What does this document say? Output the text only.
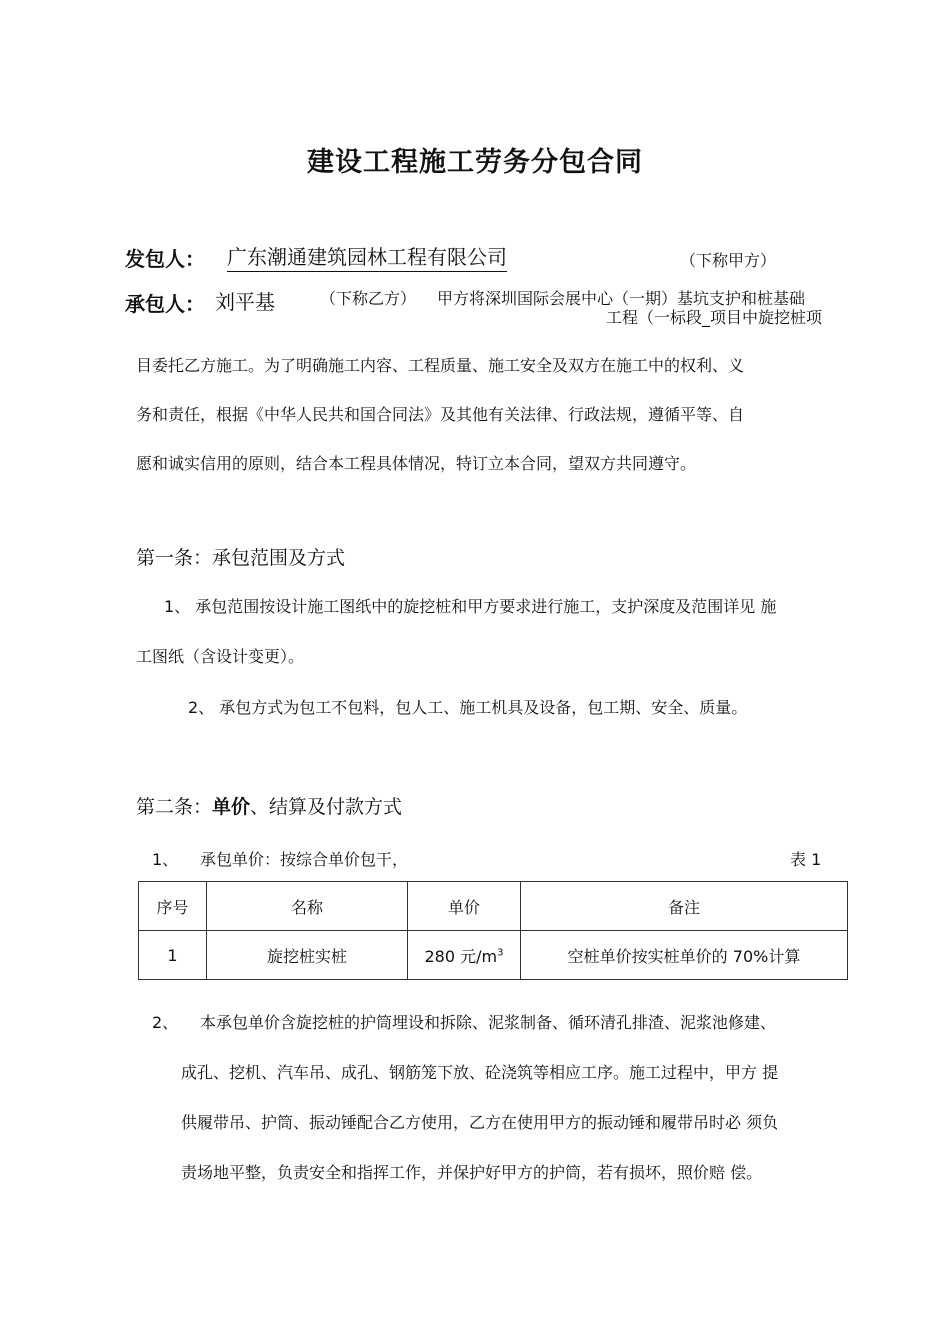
建设工程施工劳务分包合同
发包人： 广东潮通建筑园林工程有限公司	（下称甲方）
承包人： 刘平基	（下称乙方） 甲方将深圳国际会展中心（一期）基坑支护和桩基础
工程（一标段_项目中旋挖桩项
目委托乙方施工。为了明确施工内容、工程质量、施工安全及双方在施工中的权利、义
务和责任，根据《中华人民共和国合同法》及其他有关法律、行政法规，遵循平等、自
愿和诚实信用的原则，结合本工程具体情况，特订立本合同，望双方共同遵守。
第一条：承包范围及方式
1、 承包范围按设计施工图纸中的旋挖桩和甲方要求进行施工，支护深度及范围详见 施
工图纸（含设计变更）。
2、 承包方式为包工不包料，包人工、施工机具及设备，包工期、安全、质量。
第二条：单价、结算及付款方式
1、 承包单价：按综合单价包干，	表 1
序号	名称	单价	备注
1	旋挖桩实桩	280 元$/m^3$	空桩单价按实桩单价的 70%计算
2、 本承包单价含旋挖桩的护筒埋设和拆除、泥浆制备、循环清孔排渣、泥浆池修建、
成孔、挖机、汽车吊、成孔、钢筋笼下放、砼浇筑等相应工序。施工过程中，甲方 提
供履带吊、护筒、振动锤配合乙方使用，乙方在使用甲方的振动锤和履带吊时必 须负
责场地平整，负责安全和指挥工作，并保护好甲方的护筒，若有损坏，照价赔 偿。
